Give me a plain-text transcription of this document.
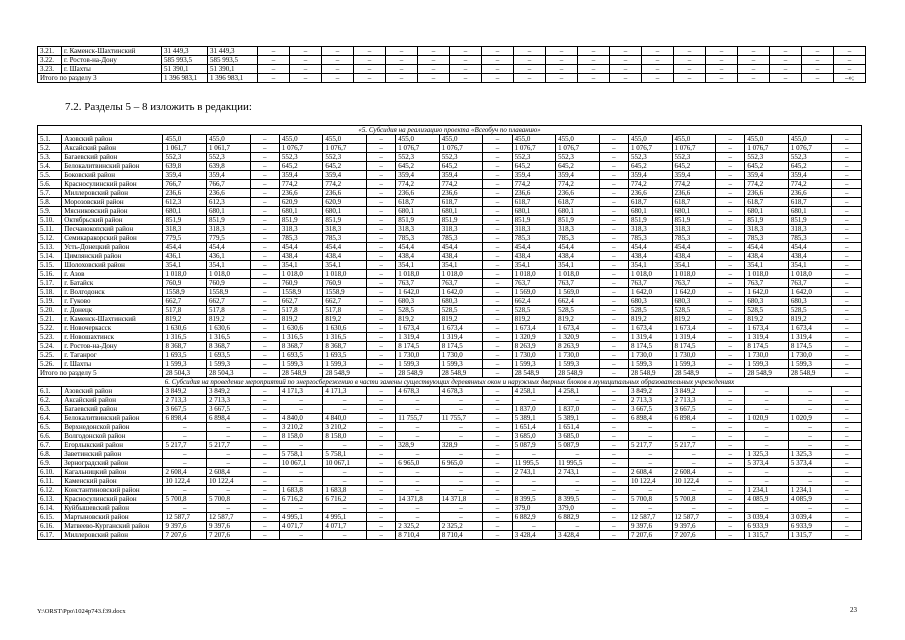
3.21.	г. Каменск-Шахтинский	31 449,3	31 449,3	–	–	–	–	–	–	–	–	–	–	–	–	–	–	–	–	–	–	–
3.22.	г. Ростов-на-Дону	585 993,5	585 993,5	–	–	–	–	–	–	–	–	–	–	–	–	–	–	–	–	–	–	–
3.23.	г. Шахты	51 390,1	51 390,1	–	–	–	–	–	–	–	–	–	–	–	–	–	–	–	–	–	–	–
Итого по разделу 3		1 396 983,1	1 396 983,1	–	–	–	–	–	–	–	–	–	–	–	–	–	–	–	–	–	–	–»;
7.2. Разделы 5 – 8 изложить в редакции:
«5. Субсидия на реализацию проекта «Всеобуч по плаванию»																			
5.1.	Азовский район	455,0	455,0	–	455,0	455,0	–	455,0	455,0	–	455,0	455,0	–	455,0	455,0	–	455,0	455,0	–
5.2.	Аксайский район	1 061,7	1 061,7	–	1 076,7	1 076,7	–	1 076,7	1 076,7	–	1 076,7	1 076,7	–	1 076,7	1 076,7	–	1 076,7	1 076,7	–
5.3.	Багаевский район	552,3	552,3	–	552,3	552,3	–	552,3	552,3	–	552,3	552,3	–	552,3	552,3	–	552,3	552,3	–
5.4.	Белокалитвинский район	639,8	639,8	–	645,2	645,2	–	645,2	645,2	–	645,2	645,2	–	645,2	645,2	–	645,2	645,2	–
5.5.	Боковский район	359,4	359,4	–	359,4	359,4	–	359,4	359,4	–	359,4	359,4	–	359,4	359,4	–	359,4	359,4	–
5.6.	Красносулинский район	766,7	766,7	–	774,2	774,2	–	774,2	774,2	–	774,2	774,2	–	774,2	774,2	–	774,2	774,2	–
5.7.	Миллеровский район	236,6	236,6	–	236,6	236,6	–	236,6	236,6	–	236,6	236,6	–	236,6	236,6	–	236,6	236,6	–
5.8.	Морозовский район	612,3	612,3	–	620,9	620,9	–	618,7	618,7	–	618,7	618,7	–	618,7	618,7	–	618,7	618,7	–
5.9.	Мясниковский район	680,1	680,1	–	680,1	680,1	–	680,1	680,1	–	680,1	680,1	–	680,1	680,1	–	680,1	680,1	–
5.10.	Октябрьский район	851,9	851,9	–	851,9	851,9	–	851,9	851,9	–	851,9	851,9	–	851,9	851,9	–	851,9	851,9	–
5.11.	Песчанокопский район	318,3	318,3	–	318,3	318,3	–	318,3	318,3	–	318,3	318,3	–	318,3	318,3	–	318,3	318,3	–
5.12.	Семикаракорский район	779,5	779,5	–	785,3	785,3	–	785,3	785,3	–	785,3	785,3	–	785,3	785,3	–	785,3	785,3	–
5.13.	Усть-Донецкий район	454,4	454,4	–	454,4	454,4	–	454,4	454,4	–	454,4	454,4	–	454,4	454,4	–	454,4	454,4	–
5.14.	Цимлянский район	436,1	436,1	–	438,4	438,4	–	438,4	438,4	–	438,4	438,4	–	438,4	438,4	–	438,4	438,4	–
5.15.	Шолоховский район	354,1	354,1	–	354,1	354,1	–	354,1	354,1	–	354,1	354,1	–	354,1	354,1	–	354,1	354,1	–
5.16.	г. Азов	1 018,0	1 018,0	–	1 018,0	1 018,0	–	1 018,0	1 018,0	–	1 018,0	1 018,0	–	1 018,0	1 018,0	–	1 018,0	1 018,0	–
5.17.	г. Батайск	760,9	760,9	–	760,9	760,9	–	763,7	763,7	–	763,7	763,7	–	763,7	763,7	–	763,7	763,7	–
5.18.	г. Волгодонск	1558,9	1558,9	–	1558,9	1558,9	–	1 642,0	1 642,0	–	1 569,0	1 569,0	–	1 642,0	1 642,0	–	1 642,0	1 642,0	–
5.19.	г. Гуково	662,7	662,7	–	662,7	662,7	–	680,3	680,3	–	662,4	662,4	–	680,3	680,3	–	680,3	680,3	–
5.20.	г. Донецк	517,8	517,8	–	517,8	517,8	–	528,5	528,5	–	528,5	528,5	–	528,5	528,5	–	528,5	528,5	–
5.21.	г. Каменск-Шахтинский	819,2	819,2	–	819,2	819,2	–	819,2	819,2	–	819,2	819,2	–	819,2	819,2	–	819,2	819,2	–
5.22.	г. Новочеркасск	1 630,6	1 630,6	–	1 630,6	1 630,6	–	1 673,4	1 673,4	–	1 673,4	1 673,4	–	1 673,4	1 673,4	–	1 673,4	1 673,4	–
5.23.	г. Новошахтинск	1 316,5	1 316,5	–	1 316,5	1 316,5	–	1 319,4	1 319,4	–	1 320,9	1 320,9	–	1 319,4	1 319,4	–	1 319,4	1 319,4	–
5.24.	г. Ростов-на-Дону	8 368,7	8 368,7	–	8 368,7	8 368,7	–	8 174,5	8 174,5	–	8 263,9	8 263,9	–	8 174,5	8 174,5	–	8 174,5	8 174,5	–
5.25.	г. Таганрог	1 693,5	1 693,5	–	1 693,5	1 693,5	–	1 730,0	1 730,0	–	1 730,0	1 730,0	–	1 730,0	1 730,0	–	1 730,0	1 730,0	–
5.26.	г. Шахты	1 599,3	1 599,3	–	1 599,3	1 599,3	–	1 599,3	1 599,3	–	1 599,3	1 599,3	–	1 599,3	1 599,3	–	1 599,3	1 599,3	–
Итого по разделу 5		28 504,3	28 504,3	–	28 548,9	28 548,9	–	28 548,9	28 548,9	–	28 548,9	28 548,9	–	28 548,9	28 548,9	–	28 548,9	28 548,9	–
6. Субсидия на проведение мероприятий по энергосбережению в части замены существующих деревянных окон и наружных дверных блоков в муниципальных образовательных учреждениях																			
6.1.	Азовский район	3 849,2	3 849,2	–	4 171,3	4 171,3	–	4 678,3	4 678,3	–	4 258,1	4 258,1	–	3 849,2	3 849,2	–	–	–	–
6.2.	Аксайский район	2 713,3	2 713,3	–	–	–	–	–	–	–	–	–	–	2 713,3	2 713,3	–	–	–	–
6.3.	Багаевский район	3 667,5	3 667,5	–	–	–	–	–	–	–	1 837,0	1 837,0	–	3 667,5	3 667,5	–	–	–	–
6.4.	Белокалитвинский район	6 898,4	6 898,4	–	4 840,0	4 840,0	–	11 755,7	11 755,7	–	5 389,1	5 389,1	–	6 898,4	6 898,4	–	1 020,9	1 020,9	–
6.5.	Верхнедонской район	–	–	–	3 210,2	3 210,2	–	–	–	–	1 651,4	1 651,4	–	–	–	–	–	–	–
6.6.	Волгодонской район	–	–	–	8 158,0	8 158,0	–	–	–	–	3 685,0	3 685,0	–	–	–	–	–	–	–
6.7.	Егорлыкский район	5 217,7	5 217,7	–	–	–	–	328,9	328,9	–	5 087,9	5 087,9	–	5 217,7	5 217,7	–	–	–	–
6.8.	Заветинский район	–	–	–	5 758,1	5 758,1	–	–	–	–	–	–	–	–	–	–	1 325,3	1 325,3	–
6.9.	Зерноградский район	–	–	–	10 067,1	10 067,1	–	6 965,0	6 965,0	–	11 995,5	11 995,5	–	–	–	–	5 373,4	5 373,4	–
6.10.	Кагальницкий район	2 608,4	2 608,4	–	–	–	–	–	–	–	2 743,1	2 743,1	–	2 608,4	2 608,4	–	–	–	–
6.11.	Каменский район	10 122,4	10 122,4	–	–	–	–	–	–	–	–	–	–	10 122,4	10 122,4	–	–	–	–
6.12.	Константиновский район	–	–	–	1 683,8	1 683,8	–	–	–	–	–	–	–	–	–	–	1 234,1	1 234,1	–
6.13.	Красносулинский район	5 700,8	5 700,8	–	6 716,2	6 716,2	–	14 371,8	14 371,8	–	8 399,5	8 399,5	–	5 700,8	5 700,8	–	4 085,9	4 085,9	–
6.14.	Куйбышевский район	–	–	–	–	–	–	–	–	–	379,0	379,0	–	–	–	–	–	–	–
6.15.	Мартыновский район	12 587,7	12 587,7	–	4 995,1	4 995,1	–	–	–	–	6 882,9	6 882,9	–	12 587,7	12 587,7	–	3 039,4	3 039,4	–
6.16.	Матвеево-Курганский район	9 397,6	9 397,6	–	4 071,7	4 071,7	–	2 325,2	2 325,2	–	–	–	–	9 397,6	9 397,6	–	6 933,9	6 933,9	–
6.17.	Миллеровский район	7 207,6	7 207,6	–	–	–	–	8 710,4	8 710,4	–	3 428,4	3 428,4	–	7 207,6	7 207,6	–	1 315,7	1 315,7	–
Y:\ORST\Ppo\1024p743.f39.docx	23
